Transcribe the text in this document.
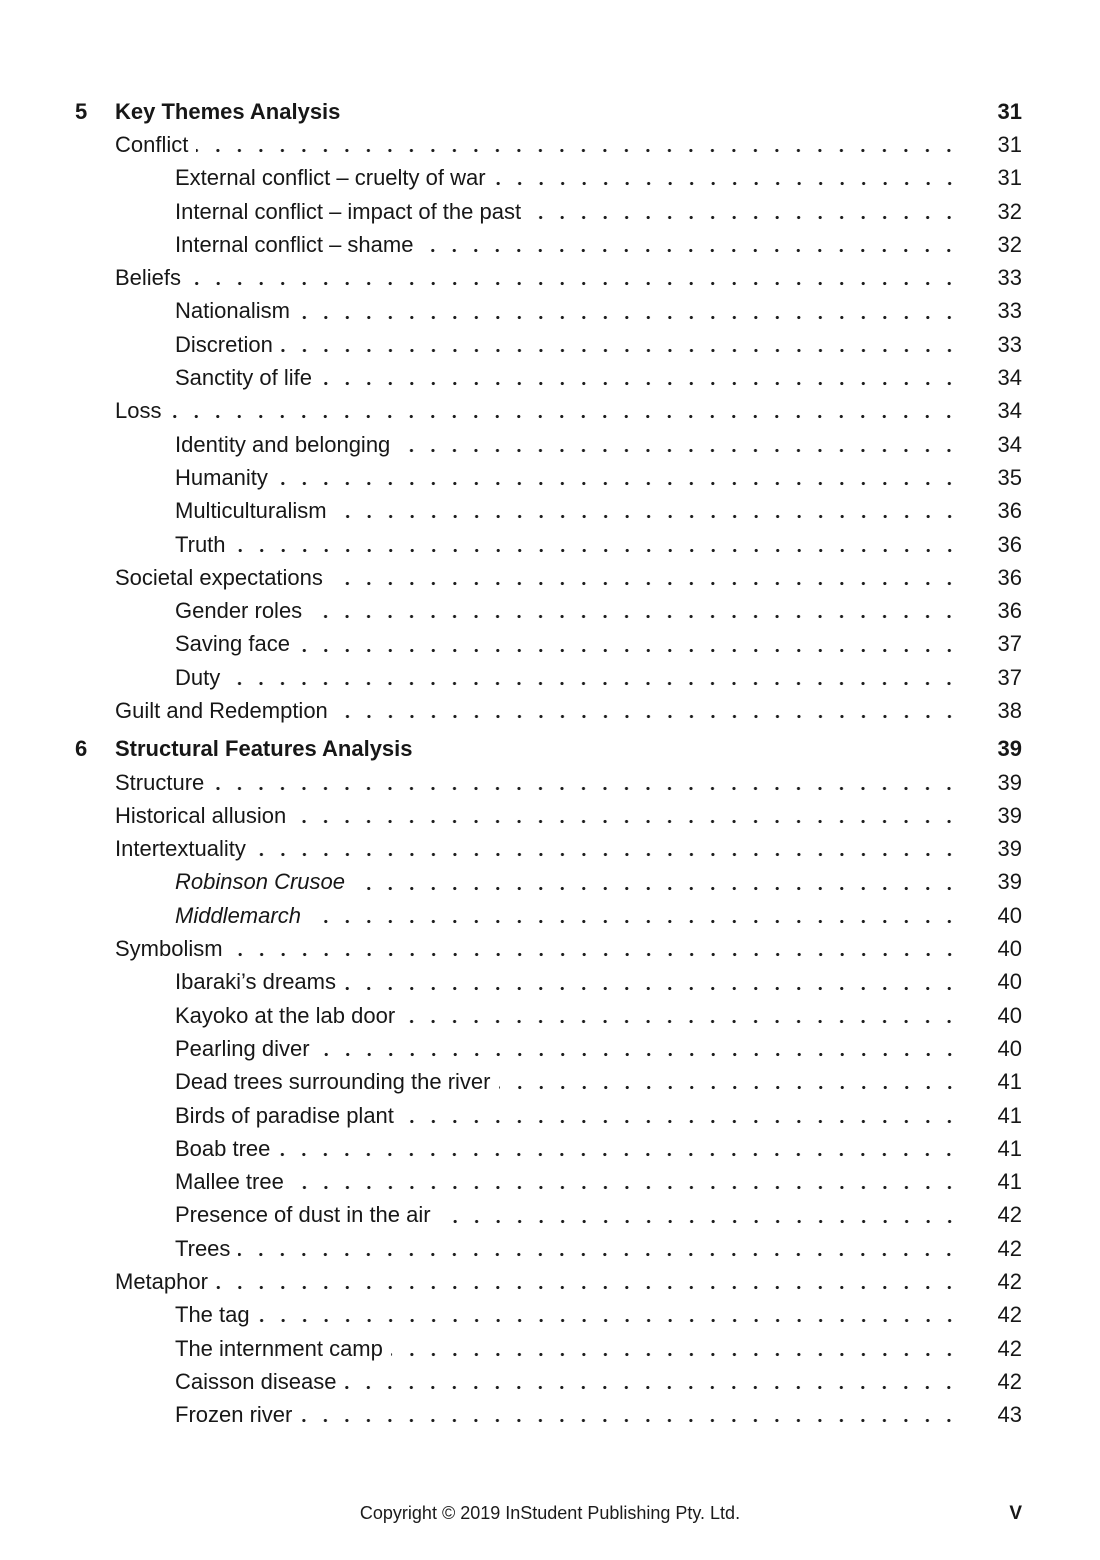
5	Key Themes Analysis	31
Conflict	31
External conflict – cruelty of war	31
Internal conflict – impact of the past	32
Internal conflict – shame	32
Beliefs	33
Nationalism	33
Discretion	33
Sanctity of life	34
Loss	34
Identity and belonging	34
Humanity	35
Multiculturalism	36
Truth	36
Societal expectations	36
Gender roles	36
Saving face	37
Duty	37
Guilt and Redemption	38
6	Structural Features Analysis	39
Structure	39
Historical allusion	39
Intertextuality	39
Robinson Crusoe	39
Middlemarch	40
Symbolism	40
Ibaraki’s dreams	40
Kayoko at the lab door	40
Pearling diver	40
Dead trees surrounding the river	41
Birds of paradise plant	41
Boab tree	41
Mallee tree	41
Presence of dust in the air	42
Trees	42
Metaphor	42
The tag	42
The internment camp	42
Caisson disease	42
Frozen river	43
Copyright © 2019 InStudent Publishing Pty. Ltd.	V
